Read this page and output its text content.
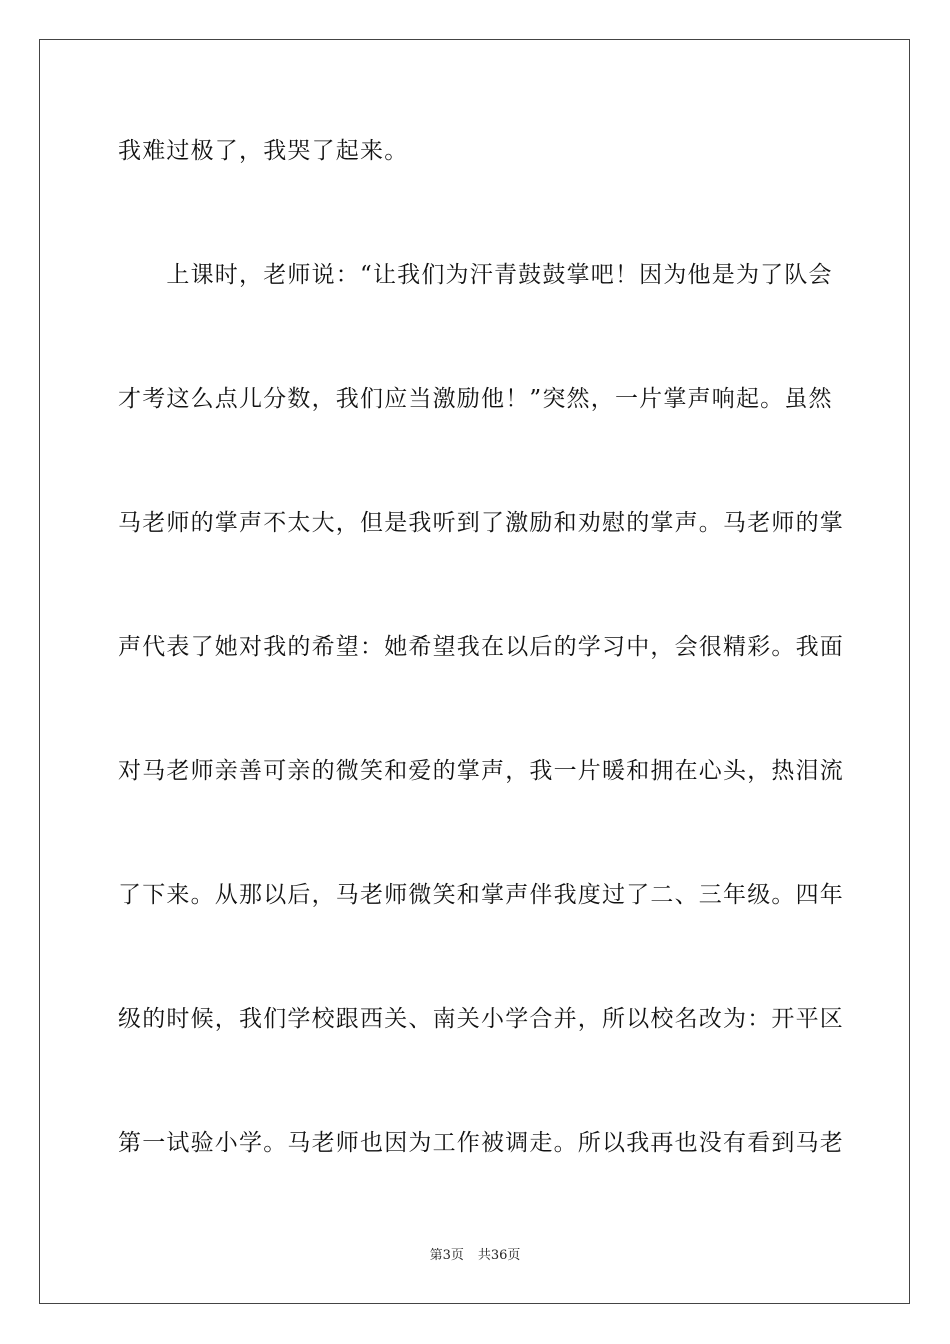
我难过极了，我哭了起来。
　　上课时，老师说：“让我们为汗青鼓鼓掌吧！因为他是为了队会
才考这么点儿分数，我们应当激励他！”突然，一片掌声响起。虽然
马老师的掌声不太大，但是我听到了激励和劝慰的掌声。马老师的掌
声代表了她对我的希望：她希望我在以后的学习中，会很精彩。我面
对马老师亲善可亲的微笑和爱的掌声，我一片暖和拥在心头，热泪流
了下来。从那以后，马老师微笑和掌声伴我度过了二、三年级。四年
级的时候，我们学校跟西关、南关小学合并，所以校名改为：开平区
第一试验小学。马老师也因为工作被调走。所以我再也没有看到马老
第3页 共36页
